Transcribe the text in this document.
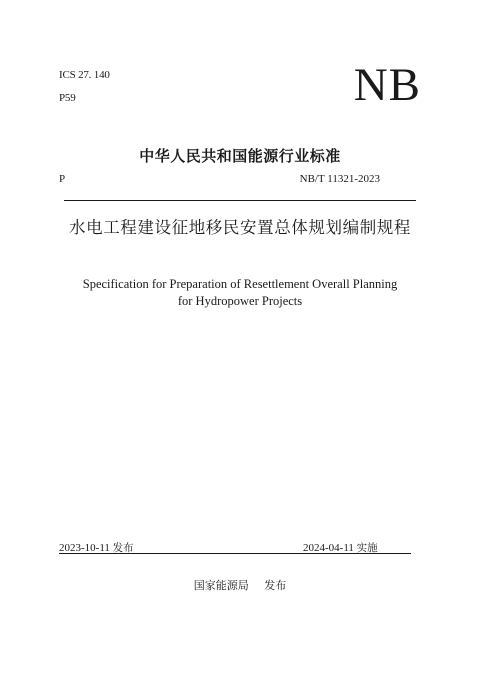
ICS 27. 140
P59	NB
中华人民共和国能源行业标准
P	NB/T 11321-2023
水电工程建设征地移民安置总体规划编制规程
Specification for Preparation of Resettlement Overall Planning
for Hydropower Projects
2023-10-11 发布	2024-04-11 实施
国家能源局 发布
